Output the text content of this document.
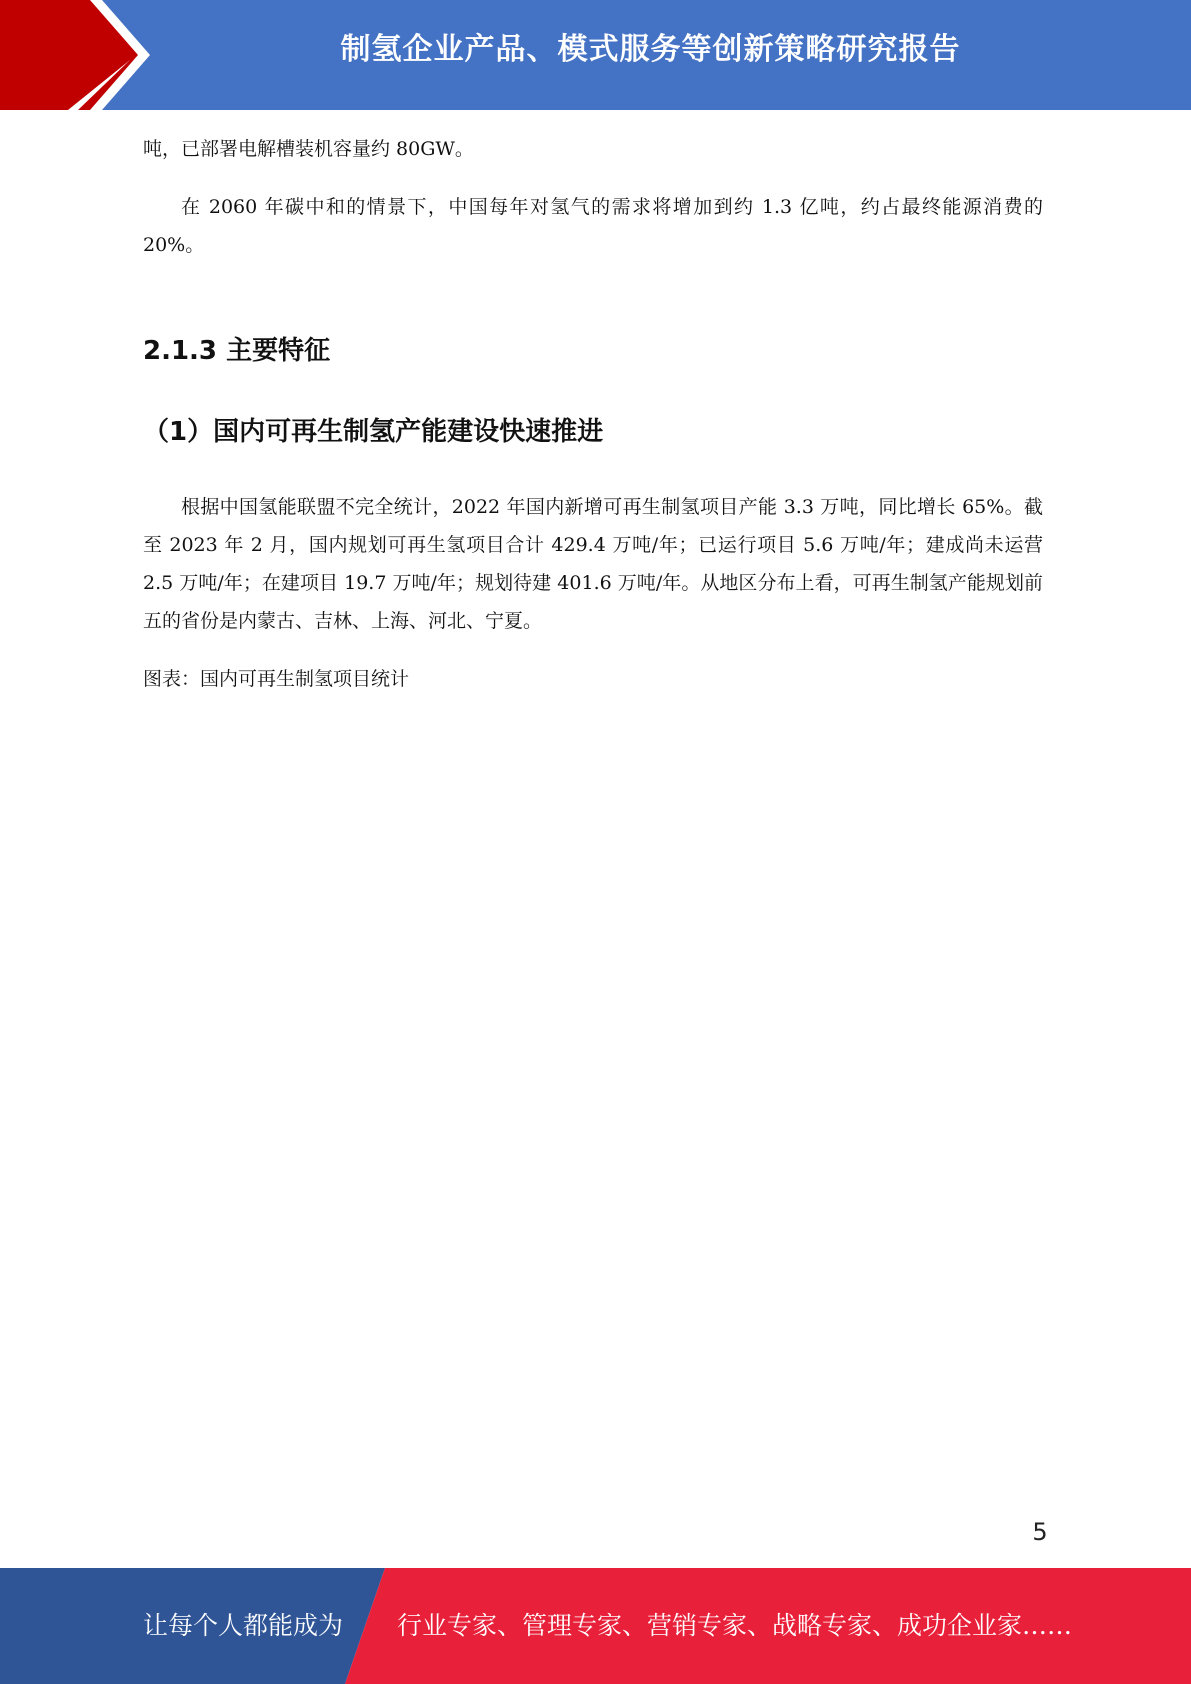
制氢企业产品、模式服务等创新策略研究报告

吨，已部署电解槽装机容量约 80GW。

在 2060 年碳中和的情景下，中国每年对氢气的需求将增加到约 1.3 亿吨，约占最终能源消费的 20%。

2.1.3 主要特征
（1）国内可再生制氢产能建设快速推进

根据中国氢能联盟不完全统计，2022 年国内新增可再生制氢项目产能 3.3 万吨，同比增长 65%。截至 2023 年 2 月，国内规划可再生氢项目合计 429.4 万吨/年；已运行项目 5.6 万吨/年；建成尚未运营 2.5 万吨/年；在建项目 19.7 万吨/年；规划待建 401.6 万吨/年。从地区分布上看，可再生制氢产能规划前五的省份是内蒙古、吉林、上海、河北、宁夏。

图表：国内可再生制氢项目统计

5
让每个人都能成为 行业专家、管理专家、营销专家、战略专家、成功企业家……
